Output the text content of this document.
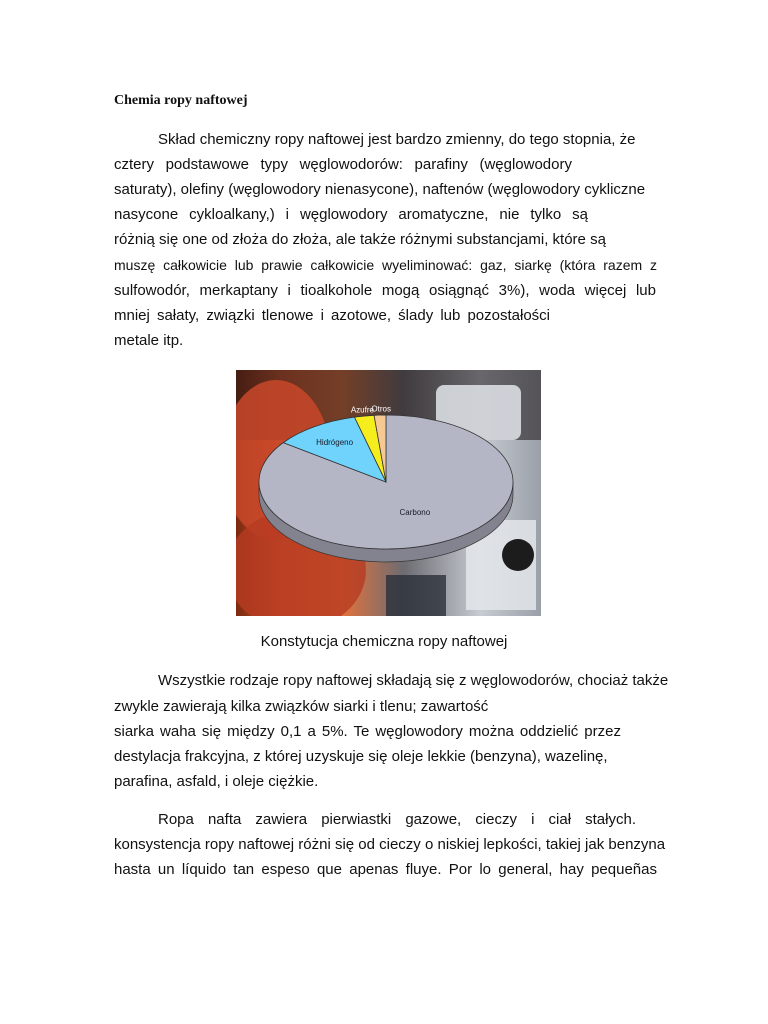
Chemia ropy naftowej

Skład chemiczny ropy naftowej jest bardzo zmienny, do tego stopnia, że

cztery podstawowe typy węglowodorów: parafiny (węglowodory

saturaty), olefiny (węglowodory nienasycone), naftenów (węglowodory cykliczne

nasycone cykloalkany,) i węglowodory aromatyczne, nie tylko są

różnią się one od złoża do złoża, ale także różnymi substancjami, które są

muszę całkowicie lub prawie całkowicie wyeliminować: gaz, siarkę (która razem z

sulfowodór, merkaptany i tioalkohole mogą osiągnąć 3%), woda więcej lub

mniej sałaty, związki tlenowe i azotowe, ślady lub pozostałości

metale itp.

Carbono
Hidrógeno
Azufre
Otros

Konstytucja chemiczna ropy naftowej

Wszystkie rodzaje ropy naftowej składają się z węglowodorów, chociaż także

zwykle zawierają kilka związków siarki i tlenu; zawartość

siarka waha się między 0,1 a 5%. Te węglowodory można oddzielić przez

destylacja frakcyjna, z której uzyskuje się oleje lekkie (benzyna), wazelinę,

parafina, asfald, i oleje ciężkie.

Ropa nafta zawiera pierwiastki gazowe, cieczy i ciał stałych.

konsystencja ropy naftowej różni się od cieczy o niskiej lepkości, takiej jak benzyna

hasta un líquido tan espeso que apenas fluye. Por lo general, hay pequeñas
